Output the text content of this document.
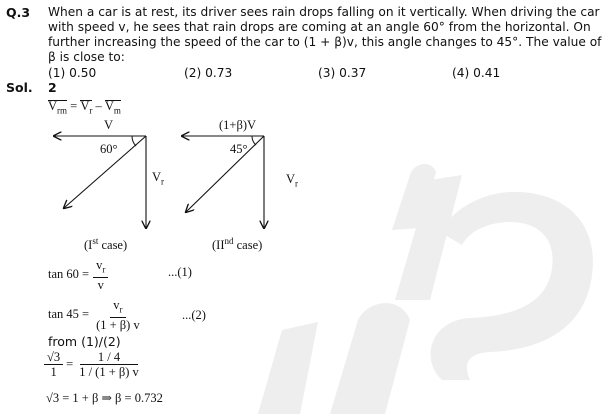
Q.3 When a car is at rest, its driver sees rain drops falling on it vertically. When driving the car with speed v, he sees that rain drops are coming at an angle 60° from the horizontal. On further increasing the speed of the car to (1 + β)v, this angle changes to 45°. The value of β is close to:
(1) 0.50	(2) 0.73	(3) 0.37	(4) 0.41
Sol. 2
$V_{rm}$ =
$V_r$ –
$V_m$
V
60°
$V_r$
(Ist case)
(1+β)V
45°
$V_r$
(IInd case)
$\tan 60 = \frac{v_r}{v}$	...(1)
$\tan 45 = \frac{v_r}{(1 + \beta) v}$	...(2)
from (1)/(2)
$\frac{√3}{1} = \frac{1 / 4}{1 / (1 + \beta) v}$
√3 = 1 + β ⇒ β = 0.732
